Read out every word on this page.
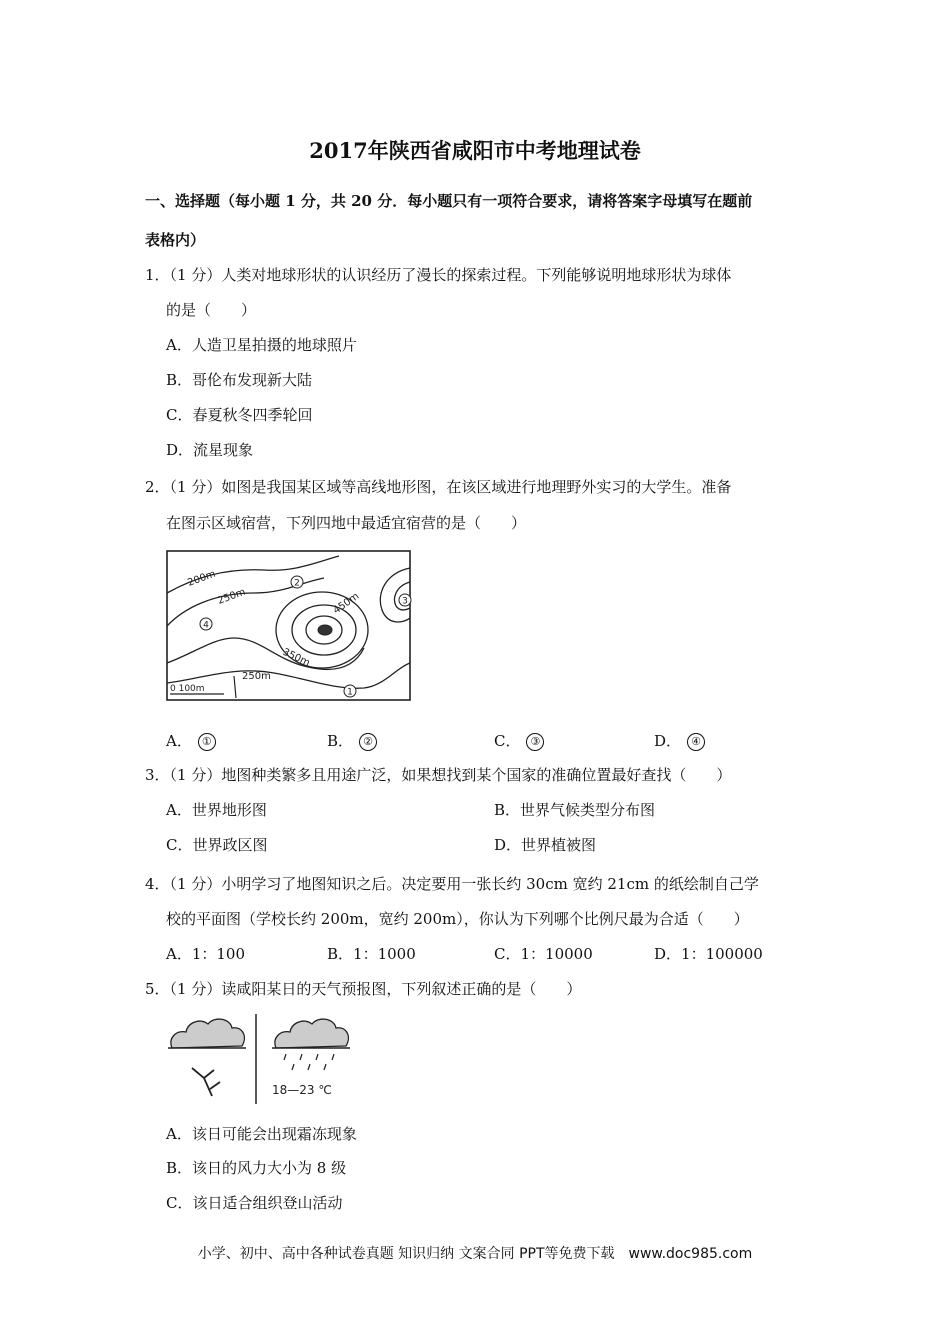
2017年陕西省咸阳市中考地理试卷
一、选择题（每小题 1 分，共 20 分．每小题只有一项符合要求，请将答案字母填写在题前
表格内）
1．（1 分）人类对地球形状的认识经历了漫长的探索过程。下列能够说明地球形状为球体
的是（　　）
A．人造卫星拍摄的地球照片
B．哥伦布发现新大陆
C．春夏秋冬四季轮回
D．流星现象
2．（1 分）如图是我国某区域等高线地形图，在该区域进行地理野外实习的大学生。准备
在图示区域宿营，下列四地中最适宜宿营的是（　　）
200m
250m	450m
350m
250m
2
3
4
1
0 100m
A． ①	B． ②	C． ③	D． ④
3．（1 分）地图种类繁多且用途广泛，如果想找到某个国家的准确位置最好查找（　　）
A．世界地形图	B．世界气候类型分布图
C．世界政区图	D．世界植被图
4．（1 分）小明学习了地图知识之后。决定要用一张长约 30cm 宽约 21cm 的纸绘制自己学
校的平面图（学校长约 200m，宽约 200m），你认为下列哪个比例尺最为合适（　　）
A．1：100	B．1：1000	C．1：10000	D．1：100000
5．（1 分）读咸阳某日的天气预报图，下列叙述正确的是（　　）
18—23 ℃
A．该日可能会出现霜冻现象
B．该日的风力大小为 8 级
C．该日适合组织登山活动
小学、初中、高中各种试卷真题 知识归纳 文案合同 PPT等免费下载　www.doc985.com
